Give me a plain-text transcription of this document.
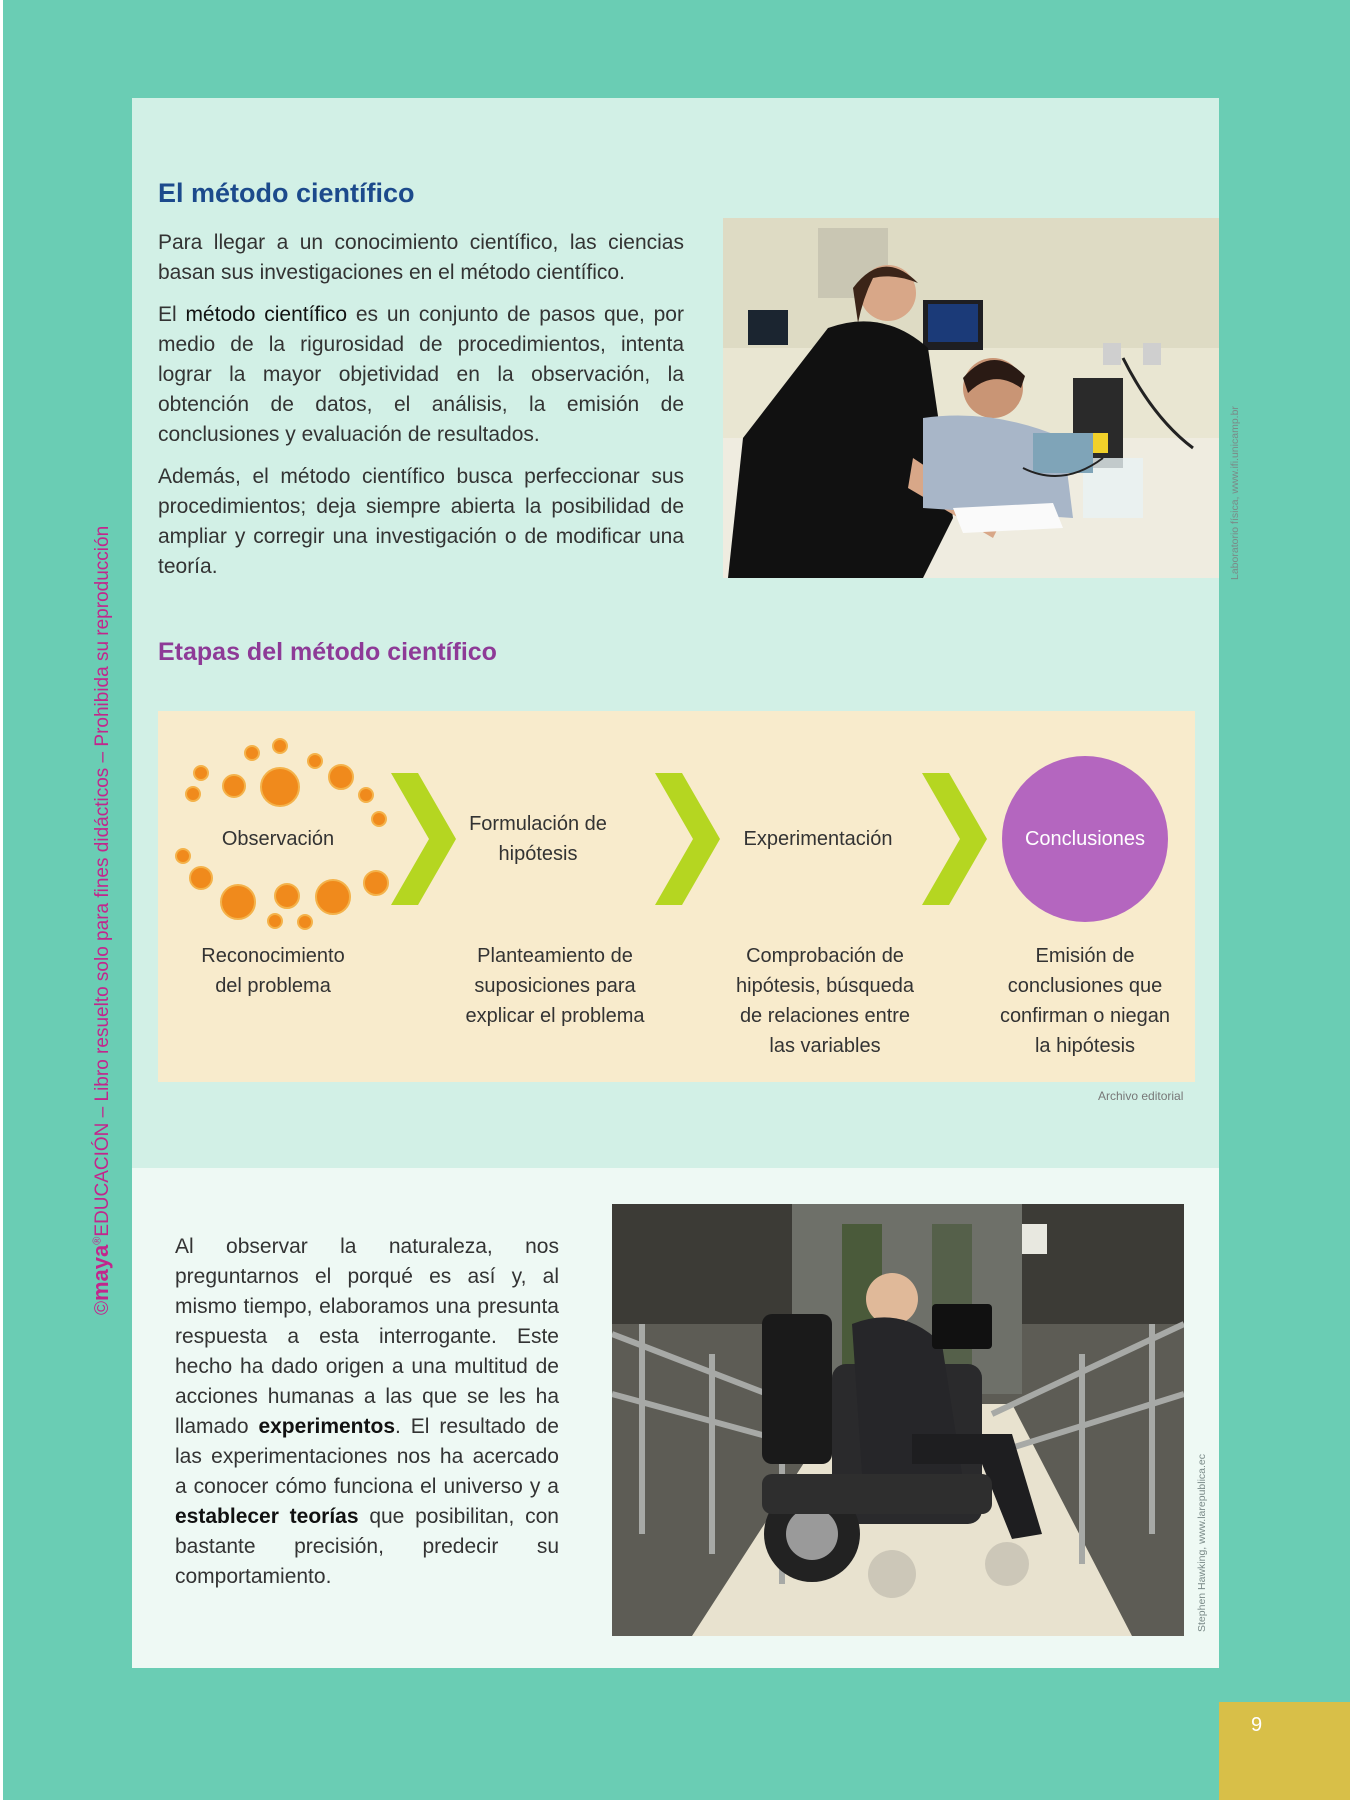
El método científico

Para llegar a un conocimiento científico, las ciencias basan sus investigaciones en el método científico.

El método científico es un conjunto de pasos que, por medio de la rigurosidad de procedimientos, intenta lograr la mayor objetividad en la observación, la obtención de datos, el análisis, la emisión de conclusiones y evaluación de resultados.

Además, el método científico busca perfeccionar sus procedimientos; deja siempre abierta la posibilidad de ampliar y corregir una investigación o de modificar una teoría.	Laboratorio física, www.ifi.unicamp.br
Etapas del método científico
Observación
Formulación de hipótesis
Experimentación	Conclusiones
Reconocimiento del problema
Planteamiento de suposiciones para explicar el problema
Comprobación de hipótesis, búsqueda de relaciones entre las variables
Emisión de conclusiones que confirman o niegan la hipótesis
Archivo editorial

Al observar la naturaleza, nos preguntarnos el porqué es así y, al mismo tiempo, elaboramos una presunta respuesta a esta interrogante. Este hecho ha dado origen a una multitud de acciones humanas a las que se les ha llamado experimentos. El resultado de las experimentaciones nos ha acercado a conocer cómo funciona el universo y a establecer teorías que posibilitan, con bastante precisión, predecir su comportamiento.	Stephen Hawking, www.larepublica.ec
©maya®EDUCACIÓN – Libro resuelto solo para fines didácticos – Prohibida su reproducción
9
